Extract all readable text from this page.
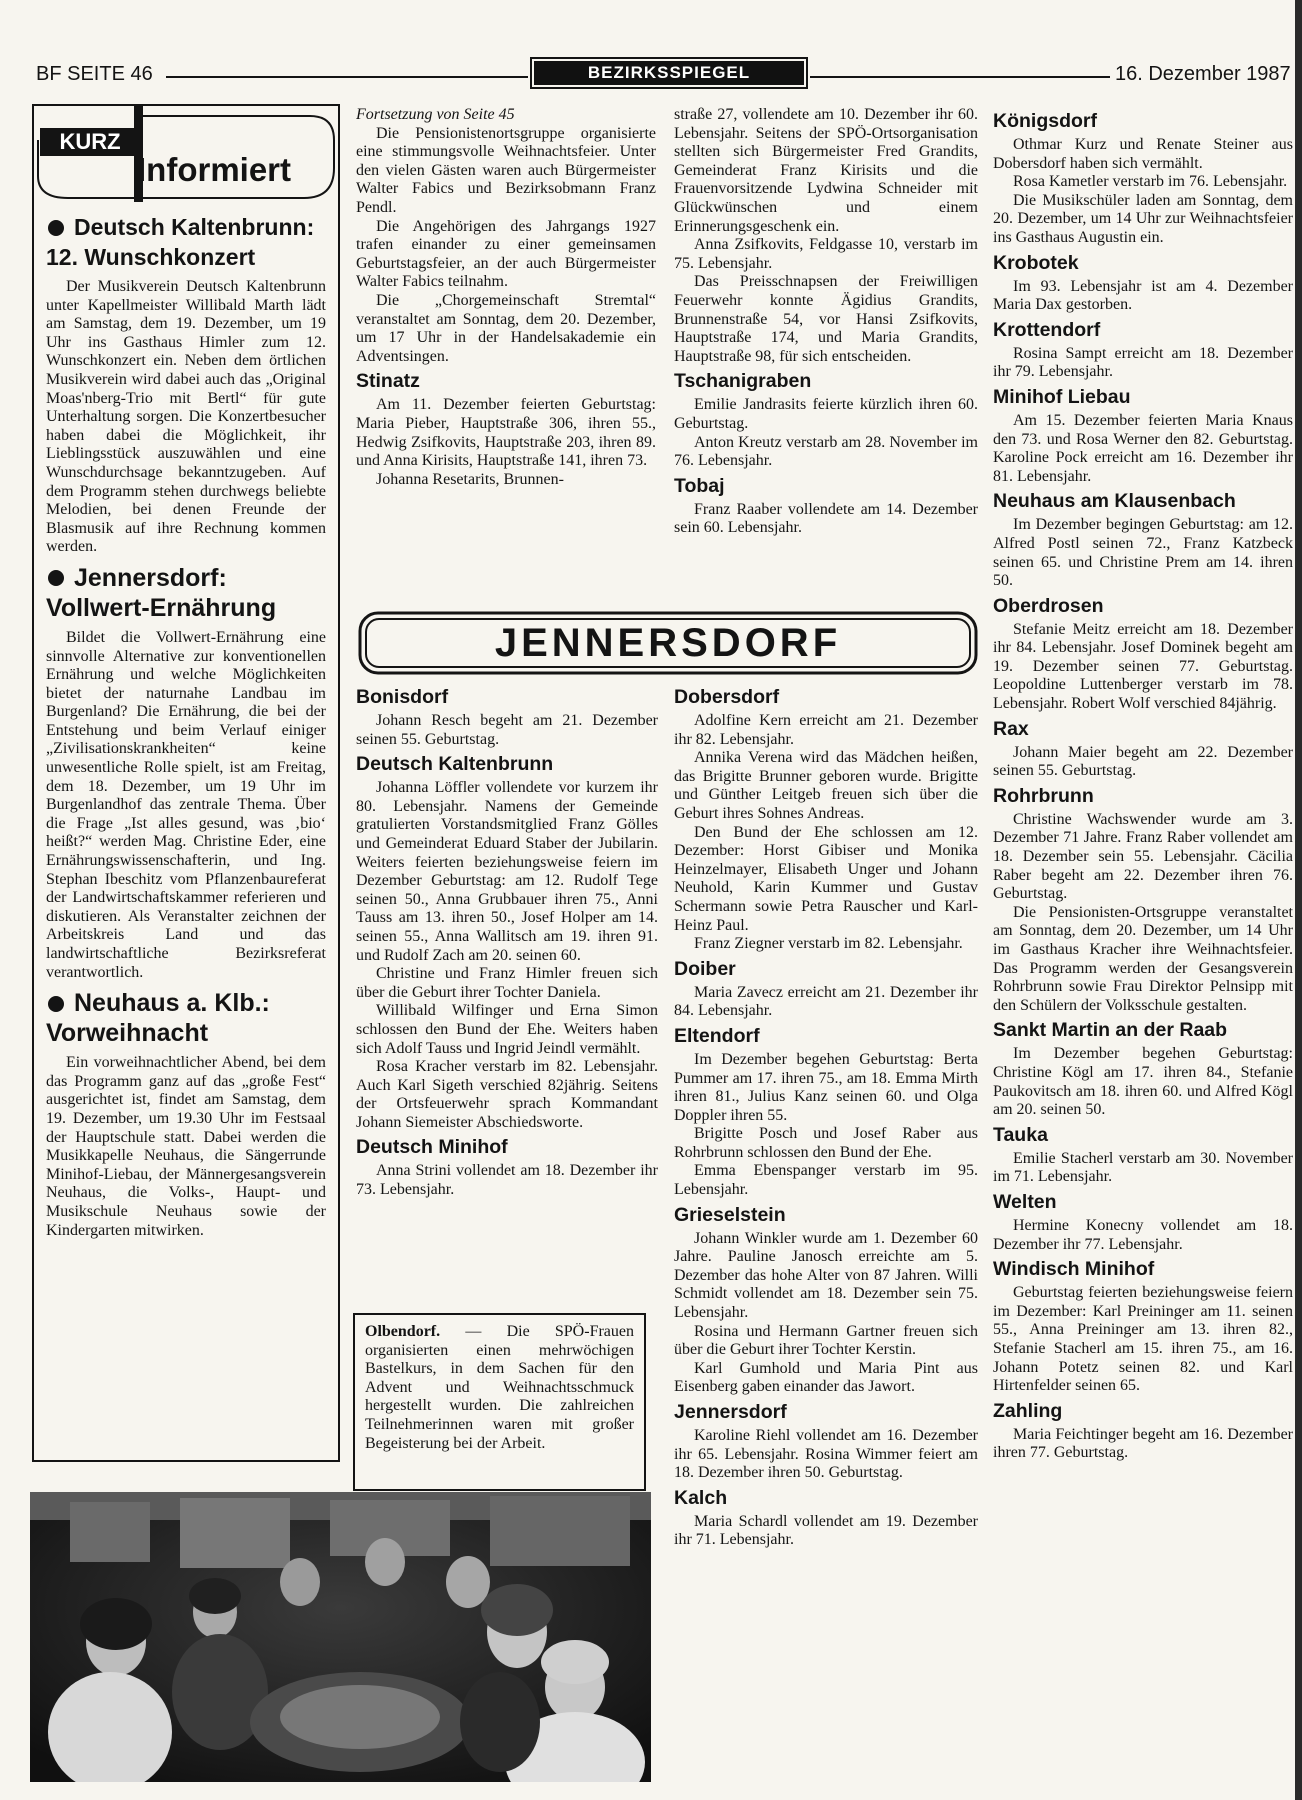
BF SEITE 46	BEZIRKSSPIEGEL	16. Dezember 1987
KURZ
Informiert
Deutsch Kaltenbrunn: 12. Wunschkonzert

Der Musikverein Deutsch Kaltenbrunn unter Kapellmeister Willibald Marth lädt am Samstag, dem 19. Dezember, um 19 Uhr ins Gasthaus Himler zum 12. Wunschkonzert ein. Neben dem örtlichen Musikverein wird dabei auch das „Original Moas'nberg-Trio mit Bertl“ für gute Unterhaltung sorgen. Die Konzertbesucher haben dabei die Möglichkeit, ihr Lieblingsstück auszuwählen und eine Wunschdurchsage bekanntzugeben. Auf dem Programm stehen durchwegs beliebte Melodien, bei denen Freunde der Blasmusik auf ihre Rechnung kommen werden.

Jennersdorf: Vollwert-Ernährung

Bildet die Vollwert-Ernährung eine sinnvolle Alternative zur konventionellen Ernährung und welche Möglichkeiten bietet der naturnahe Landbau im Burgenland? Die Ernährung, die bei der Entstehung und beim Verlauf einiger „Zivilisationskrankheiten“ keine unwesentliche Rolle spielt, ist am Freitag, dem 18. Dezember, um 19 Uhr im Burgenlandhof das zentrale Thema. Über die Frage „Ist alles gesund, was ‚bio‘ heißt?“ werden Mag. Christine Eder, eine Ernährungswissenschafterin, und Ing. Stephan Ibeschitz vom Pflanzenbaureferat der Landwirtschaftskammer referieren und diskutieren. Als Veranstalter zeichnen der Arbeitskreis Land und das landwirtschaftliche Bezirksreferat verantwortlich.

Neuhaus a. Klb.: Vorweihnacht

Ein vorweihnachtlicher Abend, bei dem das Programm ganz auf das „große Fest“ ausgerichtet ist, findet am Samstag, dem 19. Dezember, um 19.30 Uhr im Festsaal der Hauptschule statt. Dabei werden die Musikkapelle Neuhaus, die Sängerrunde Minihof-Liebau, der Männergesangsverein Neuhaus, die Volks-, Haupt- und Musikschule Neuhaus sowie der Kindergarten mitwirken.

Fortsetzung von Seite 45

Die Pensionistenortsgruppe organisierte eine stimmungsvolle Weihnachtsfeier. Unter den vielen Gästen waren auch Bürgermeister Walter Fabics und Bezirksobmann Franz Pendl.

Die Angehörigen des Jahrgangs 1927 trafen einander zu einer gemeinsamen Geburtstagsfeier, an der auch Bürgermeister Walter Fabics teilnahm.

Die „Chorgemeinschaft Stremtal“ veranstaltet am Sonntag, dem 20. Dezember, um 17 Uhr in der Handelsakademie ein Adventsingen.

Stinatz

Am 11. Dezember feierten Geburtstag: Maria Pieber, Hauptstraße 306, ihren 55., Hedwig Zsifkovits, Hauptstraße 203, ihren 89. und Anna Kirisits, Hauptstraße 141, ihren 73.

Johanna Resetarits, Brunnen-

straße 27, vollendete am 10. Dezember ihr 60. Lebensjahr. Seitens der SPÖ-Ortsorganisation stellten sich Bürgermeister Fred Grandits, Gemeinderat Franz Kirisits und die Frauenvorsitzende Lydwina Schneider mit Glückwünschen und einem Erinnerungsgeschenk ein.

Anna Zsifkovits, Feldgasse 10, verstarb im 75. Lebensjahr.

Das Preisschnapsen der Freiwilligen Feuerwehr konnte Ägidius Grandits, Brunnenstraße 54, vor Hansi Zsifkovits, Hauptstraße 174, und Maria Grandits, Hauptstraße 98, für sich entscheiden.

Tschanigraben

Emilie Jandrasits feierte kürzlich ihren 60. Geburtstag.

Anton Kreutz verstarb am 28. November im 76. Lebensjahr.

Tobaj

Franz Raaber vollendete am 14. Dezember sein 60. Lebensjahr.

JENNERSDORF
Bonisdorf

Johann Resch begeht am 21. Dezember seinen 55. Geburtstag.

Deutsch Kaltenbrunn

Johanna Löffler vollendete vor kurzem ihr 80. Lebensjahr. Namens der Gemeinde gratulierten Vorstandsmitglied Franz Gölles und Gemeinderat Eduard Staber der Jubilarin. Weiters feierten beziehungsweise feiern im Dezember Geburtstag: am 12. Rudolf Tege seinen 50., Anna Grubbauer ihren 75., Anni Tauss am 13. ihren 50., Josef Holper am 14. seinen 55., Anna Wallitsch am 19. ihren 91. und Rudolf Zach am 20. seinen 60.

Christine und Franz Himler freuen sich über die Geburt ihrer Tochter Daniela.

Willibald Wilfinger und Erna Simon schlossen den Bund der Ehe. Weiters haben sich Adolf Tauss und Ingrid Jeindl vermählt.

Rosa Kracher verstarb im 82. Lebensjahr. Auch Karl Sigeth verschied 82jährig. Seitens der Ortsfeuerwehr sprach Kommandant Johann Siemeister Abschiedsworte.

Deutsch Minihof

Anna Strini vollendet am 18. Dezember ihr 73. Lebensjahr.

Olbendorf. — Die SPÖ-Frauen organisierten einen mehrwöchigen Bastelkurs, in dem Sachen für den Advent und Weihnachtsschmuck hergestellt wurden. Die zahlreichen Teilnehmerinnen waren mit großer Begeisterung bei der Arbeit.

Dobersdorf

Adolfine Kern erreicht am 21. Dezember ihr 82. Lebensjahr.

Annika Verena wird das Mädchen heißen, das Brigitte Brunner geboren wurde. Brigitte und Günther Leitgeb freuen sich über die Geburt ihres Sohnes Andreas.

Den Bund der Ehe schlossen am 12. Dezember: Horst Gibiser und Monika Heinzelmayer, Elisabeth Unger und Johann Neuhold, Karin Kummer und Gustav Schermann sowie Petra Rauscher und Karl-Heinz Paul.

Franz Ziegner verstarb im 82. Lebensjahr.

Doiber

Maria Zavecz erreicht am 21. Dezember ihr 84. Lebensjahr.

Eltendorf

Im Dezember begehen Geburtstag: Berta Pummer am 17. ihren 75., am 18. Emma Mirth ihren 81., Julius Kanz seinen 60. und Olga Doppler ihren 55.

Brigitte Posch und Josef Raber aus Rohrbrunn schlossen den Bund der Ehe.

Emma Ebenspanger verstarb im 95. Lebensjahr.

Grieselstein

Johann Winkler wurde am 1. Dezember 60 Jahre. Pauline Janosch erreichte am 5. Dezember das hohe Alter von 87 Jahren. Willi Schmidt vollendet am 18. Dezember sein 75. Lebensjahr.

Rosina und Hermann Gartner freuen sich über die Geburt ihrer Tochter Kerstin.

Karl Gumhold und Maria Pint aus Eisenberg gaben einander das Jawort.

Jennersdorf

Karoline Riehl vollendet am 16. Dezember ihr 65. Lebensjahr. Rosina Wimmer feiert am 18. Dezember ihren 50. Geburtstag.

Kalch

Maria Schardl vollendet am 19. Dezember ihr 71. Lebensjahr.

Königsdorf

Othmar Kurz und Renate Steiner aus Dobersdorf haben sich vermählt.

Rosa Kametler verstarb im 76. Lebensjahr.

Die Musikschüler laden am Sonntag, dem 20. Dezember, um 14 Uhr zur Weihnachtsfeier ins Gasthaus Augustin ein.

Krobotek

Im 93. Lebensjahr ist am 4. Dezember Maria Dax gestorben.

Krottendorf

Rosina Sampt erreicht am 18. Dezember ihr 79. Lebensjahr.

Minihof Liebau

Am 15. Dezember feierten Maria Knaus den 73. und Rosa Werner den 82. Geburtstag. Karoline Pock erreicht am 16. Dezember ihr 81. Lebensjahr.

Neuhaus am Klausenbach

Im Dezember begingen Geburtstag: am 12. Alfred Postl seinen 72., Franz Katzbeck seinen 65. und Christine Prem am 14. ihren 50.

Oberdrosen

Stefanie Meitz erreicht am 18. Dezember ihr 84. Lebensjahr. Josef Dominek begeht am 19. Dezember seinen 77. Geburtstag. Leopoldine Luttenberger verstarb im 78. Lebensjahr. Robert Wolf verschied 84jährig.

Rax

Johann Maier begeht am 22. Dezember seinen 55. Geburtstag.

Rohrbrunn

Christine Wachswender wurde am 3. Dezember 71 Jahre. Franz Raber vollendet am 18. Dezember sein 55. Lebensjahr. Cäcilia Raber begeht am 22. Dezember ihren 76. Geburtstag.

Die Pensionisten-Ortsgruppe veranstaltet am Sonntag, dem 20. Dezember, um 14 Uhr im Gasthaus Kracher ihre Weihnachtsfeier. Das Programm werden der Gesangsverein Rohrbrunn sowie Frau Direktor Pelnsipp mit den Schülern der Volksschule gestalten.

Sankt Martin an der Raab

Im Dezember begehen Geburtstag: Christine Kögl am 17. ihren 84., Stefanie Paukovitsch am 18. ihren 60. und Alfred Kögl am 20. seinen 50.

Tauka

Emilie Stacherl verstarb am 30. November im 71. Lebensjahr.

Welten

Hermine Konecny vollendet am 18. Dezember ihr 77. Lebensjahr.

Windisch Minihof

Geburtstag feierten beziehungsweise feiern im Dezember: Karl Preininger am 11. seinen 55., Anna Preininger am 13. ihren 82., Stefanie Stacherl am 15. ihren 75., am 16. Johann Potetz seinen 82. und Karl Hirtenfelder seinen 65.

Zahling

Maria Feichtinger begeht am 16. Dezember ihren 77. Geburtstag.
